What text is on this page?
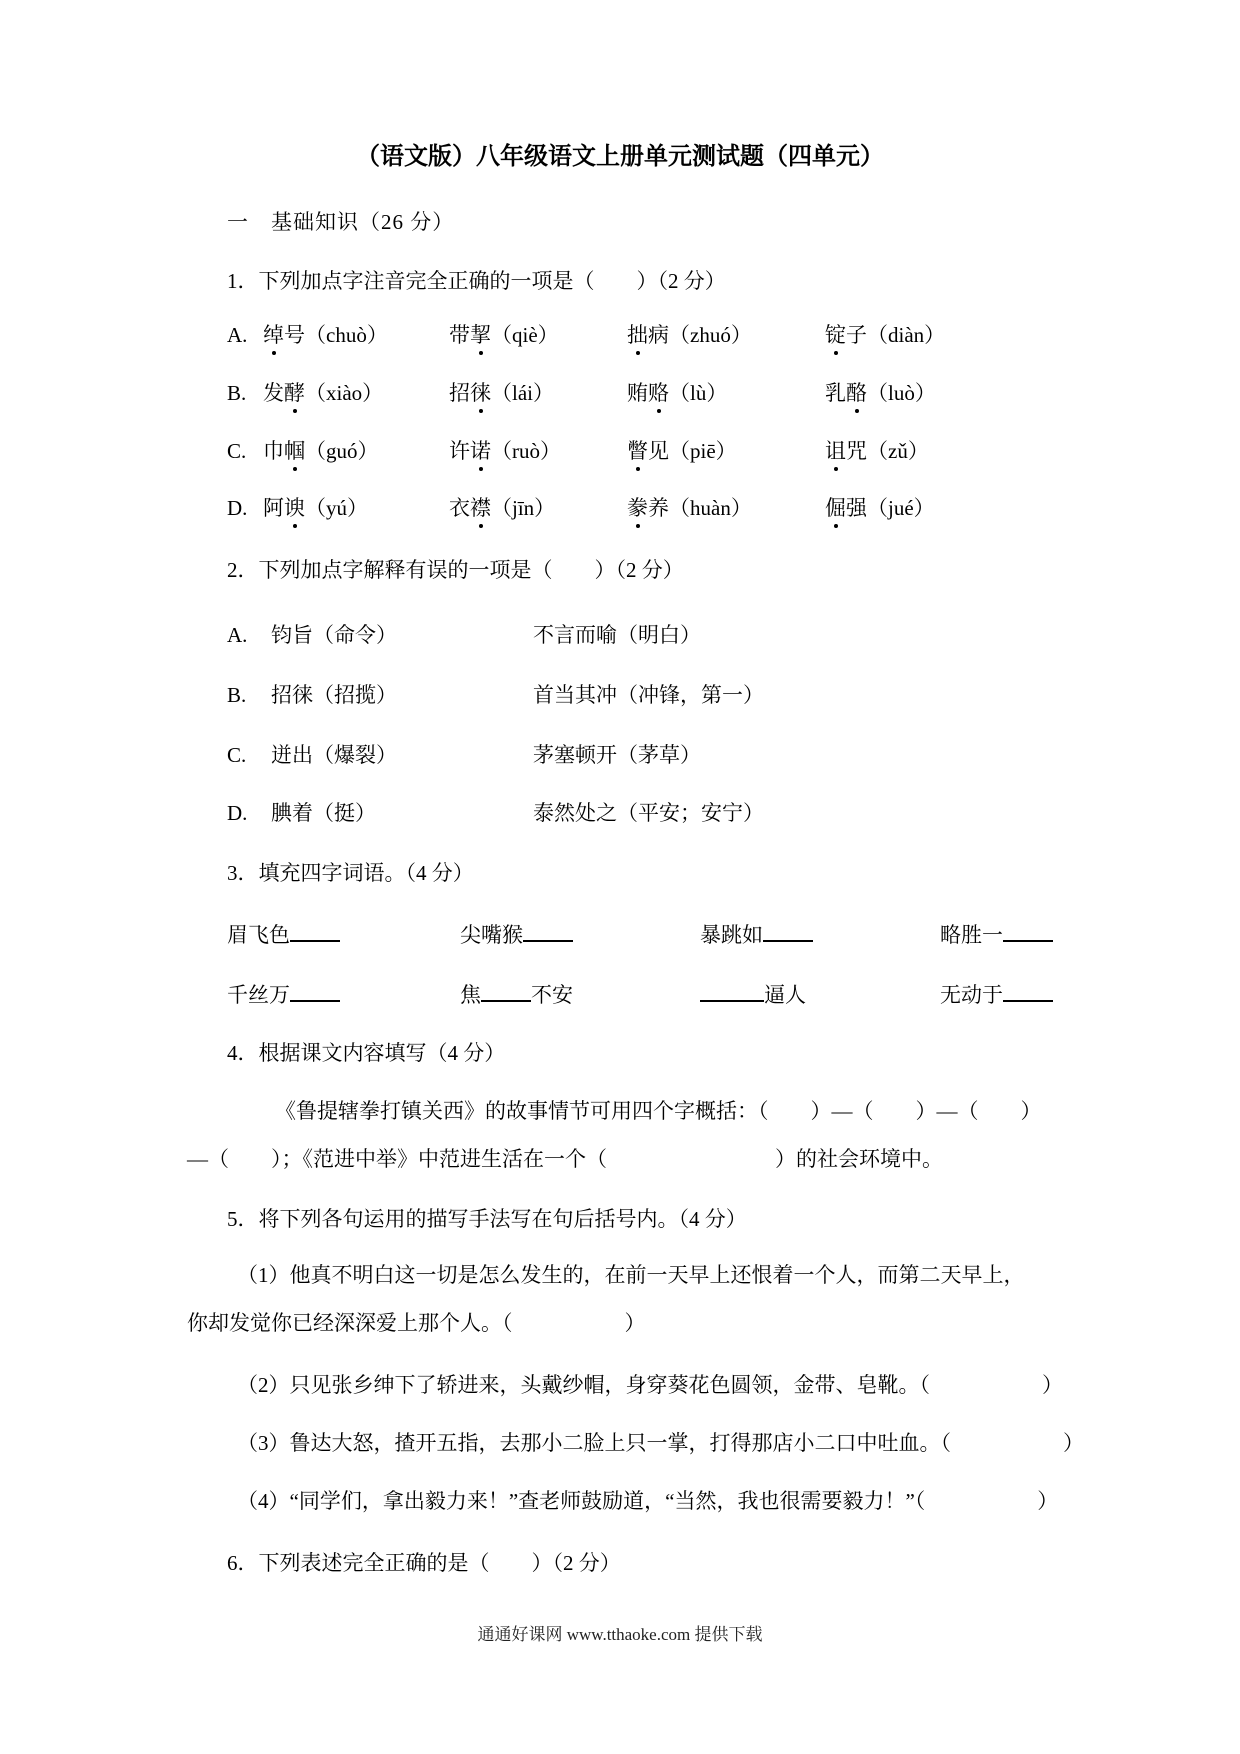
（语文版）八年级语文上册单元测试题（四单元）
一　基础知识（26 分）
1．下列加点字注音完全正确的一项是（　　）（2 分）
A. 绰号（chuò）	带挈（qiè）	拙病（zhuó）	锭子（diàn）
B. 发酵（xiào）	招徕（lái）	贿赂（lù）	乳酪（luò）
C. 巾帼（guó）	许诺（ruò）	瞥见（piē）	诅咒（zǔ）
D. 阿谀（yú）	衣襟（jīn）	豢养（huàn）	倔强（jué）
2．下列加点字解释有误的一项是（　　）（2 分）
A.	钧旨（命令）	不言而喻（明白）
B.	招徕（招揽）	首当其冲（冲锋，第一）
C.	迸出（爆裂）	茅塞顿开（茅草）
D.	腆着（挺）	泰然处之（平安；安宁）
3．填充四字词语。（4 分）
眉飞色	尖嘴猴	暴跳如	略胜一
千丝万	焦 不安	逼人	无动于
4．根据课文内容填写（4 分）
《鲁提辖拳打镇关西》的故事情节可用四个字概括：（　　）—（　　）—（　　）
—（　　）；《范进中举》中范进生活在一个（　　　　　　　　）的社会环境中。
5．将下列各句运用的描写手法写在句后括号内。（4 分）
（1）他真不明白这一切是怎么发生的，在前一天早上还恨着一个人，而第二天早上，
你却发觉你已经深深爱上那个人。（	）
（2）只见张乡绅下了轿进来，头戴纱帽，身穿葵花色圆领，金带、皂靴。（	）
（3）鲁达大怒，揸开五指，去那小二脸上只一掌，打得那店小二口中吐血。（	）
（4）“同学们，拿出毅力来！”查老师鼓励道，“当然，我也很需要毅力！”（	）
6．下列表述完全正确的是（　　）（2 分）
通通好课网 www.tthaoke.com 提供下载
